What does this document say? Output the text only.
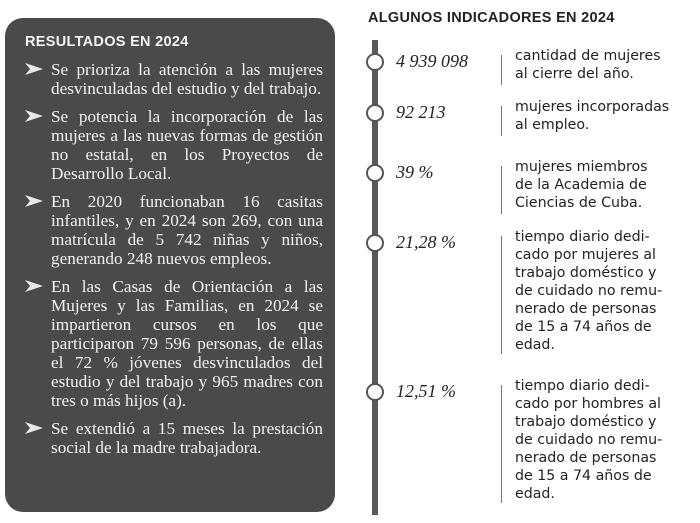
RESULTADOS EN 2024
Se prioriza la atención a las mujeres desvinculadas del estudio y del trabajo.
Se potencia la incorporación de las mujeres a las nuevas formas de gestión no estatal, en los Proyectos de Desarrollo Local.
En 2020 funcionaban 16 casitas infantiles, y en 2024 son 269, con una matrícula de 5 742 niñas y niños, generando 248 nuevos empleos.
En las Casas de Orientación a las Mujeres y las Familias, en 2024 se impartieron cursos en los que participaron 79 596 personas, de ellas el 72 % jóvenes desvinculados del estudio y del trabajo y 965 madres con tres o más hijos (a).
Se extendió a 15 meses la prestación social de la madre trabajadora.
ALGUNOS INDICADORES EN 2024
4 939 098	cantidad de mujeres
al cierre del año.
92 213	mujeres incorporadas
al empleo.
39 %	mujeres miembros
de la Academia de
Ciencias de Cuba.
21,28 %	tiempo diario dedi-
cado por mujeres al
trabajo doméstico y
de cuidado no remu-
nerado de personas
de 15 a 74 años de
edad.
12,51 %	tiempo diario dedi-
cado por hombres al
trabajo doméstico y
de cuidado no remu-
nerado de personas
de 15 a 74 años de
edad.
